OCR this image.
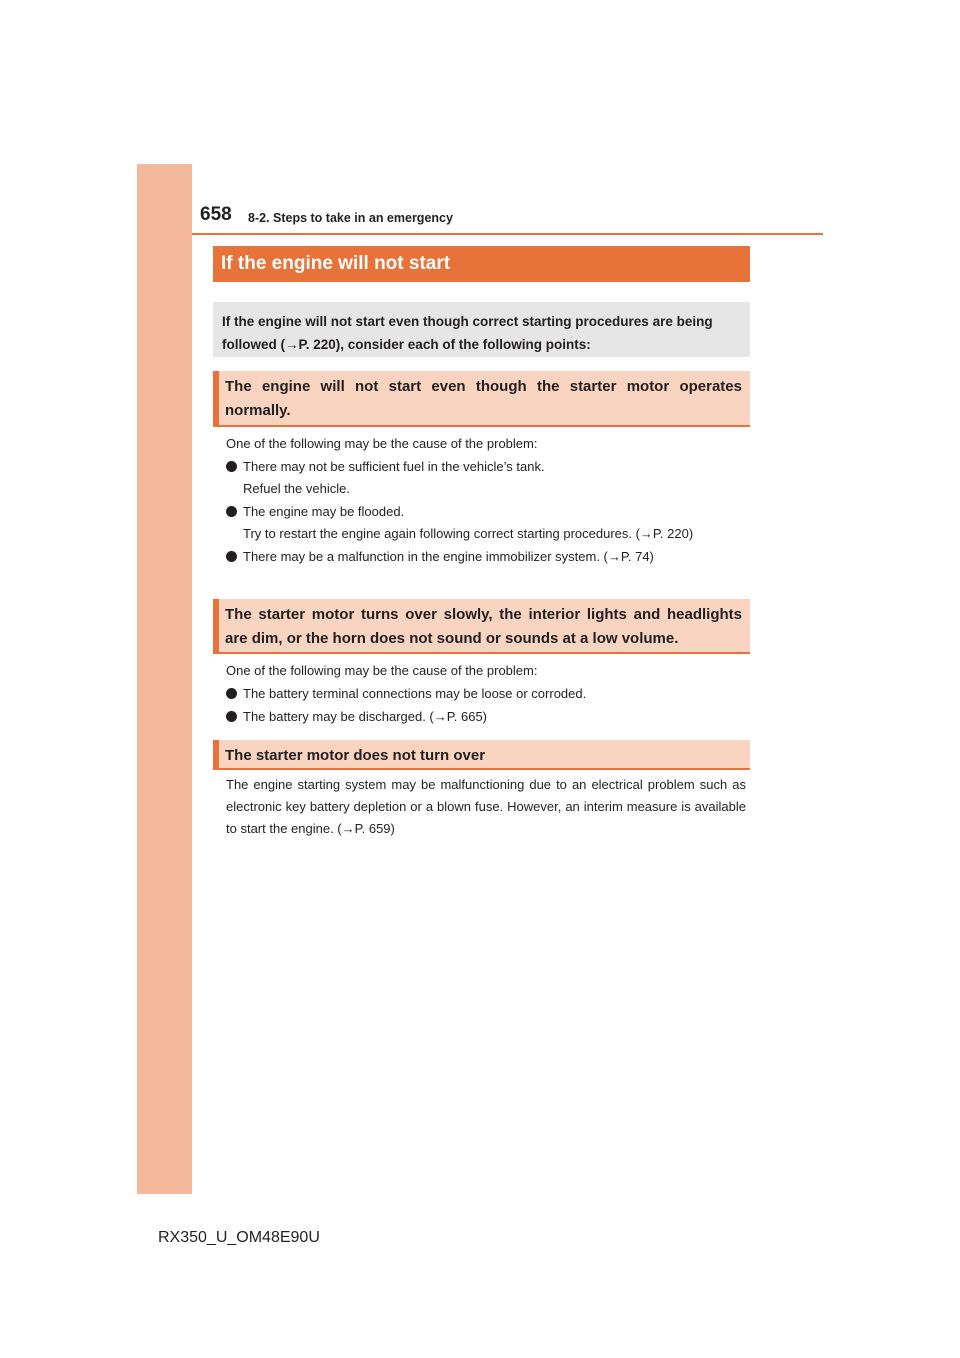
658 8-2. Steps to take in an emergency
If the engine will not start
If the engine will not start even though correct starting procedures are being followed (→P. 220), consider each of the following points:
The engine will not start even though the starter motor operates normally.
One of the following may be the cause of the problem:
There may not be sufficient fuel in the vehicle’s tank.
Refuel the vehicle.
The engine may be flooded.
Try to restart the engine again following correct starting procedures. (→P. 220)
There may be a malfunction in the engine immobilizer system. (→P. 74)
The starter motor turns over slowly, the interior lights and headlights are dim, or the horn does not sound or sounds at a low volume.
One of the following may be the cause of the problem:
The battery terminal connections may be loose or corroded.
The battery may be discharged. (→P. 665)
The starter motor does not turn over
The engine starting system may be malfunctioning due to an electrical problem such as electronic key battery depletion or a blown fuse. However, an interim measure is available to start the engine. (→P. 659)
RX350_U_OM48E90U
